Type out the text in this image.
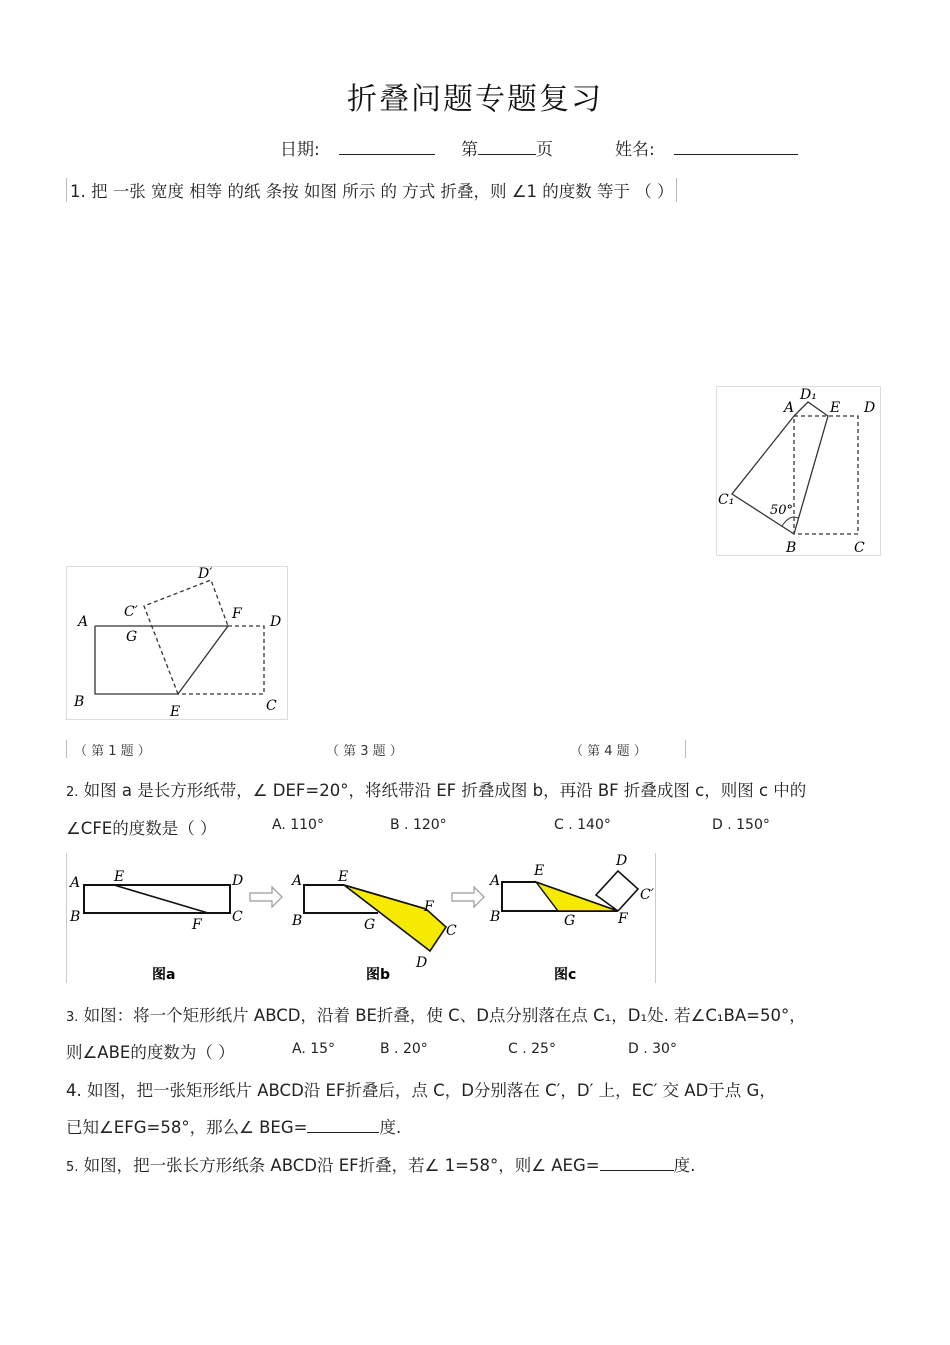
折叠问题专题复习
日期:	第	页	姓名:
1. 把 一张 宽度 相等 的纸 条按 如图 所示 的 方式 折叠，则 ∠1 的度数 等于 （ ）
A
D₁
E D
C₁
50°
B	C
A
C′
D′
G
F D
B
E	C
（ 第 1 题 ）	（ 第 3 题 ）	（ 第 4 题 ）
2. 如图 a 是长方形纸带，∠ DEF=20°，将纸带沿 EF 折叠成图 b，再沿 BF 折叠成图 c，则图 c 中的
∠CFE的度数是（ ）	A. 110°	B . 120°	C . 140°	D . 150°
A
B
E	D
F C
图a
A
B
E
F
G	C
D
图b
A
B
E
G	F
D
C′
图c
3. 如图：将一个矩形纸片 ABCD，沿着 BE折叠，使 C、D点分别落在点 C₁，D₁处. 若∠C₁BA=50°，
则∠ABE的度数为（ ）	A. 15°	B . 20°	C . 25°	D . 30°
4. 如图，把一张矩形纸片 ABCD沿 EF折叠后，点 C，D分别落在 C′，D′ 上，EC′ 交 AD于点 G，
已知∠EFG=58°，那么∠ BEG=	度.
5. 如图，把一张长方形纸条 ABCD沿 EF折叠，若∠ 1=58°，则∠ AEG=	度.
